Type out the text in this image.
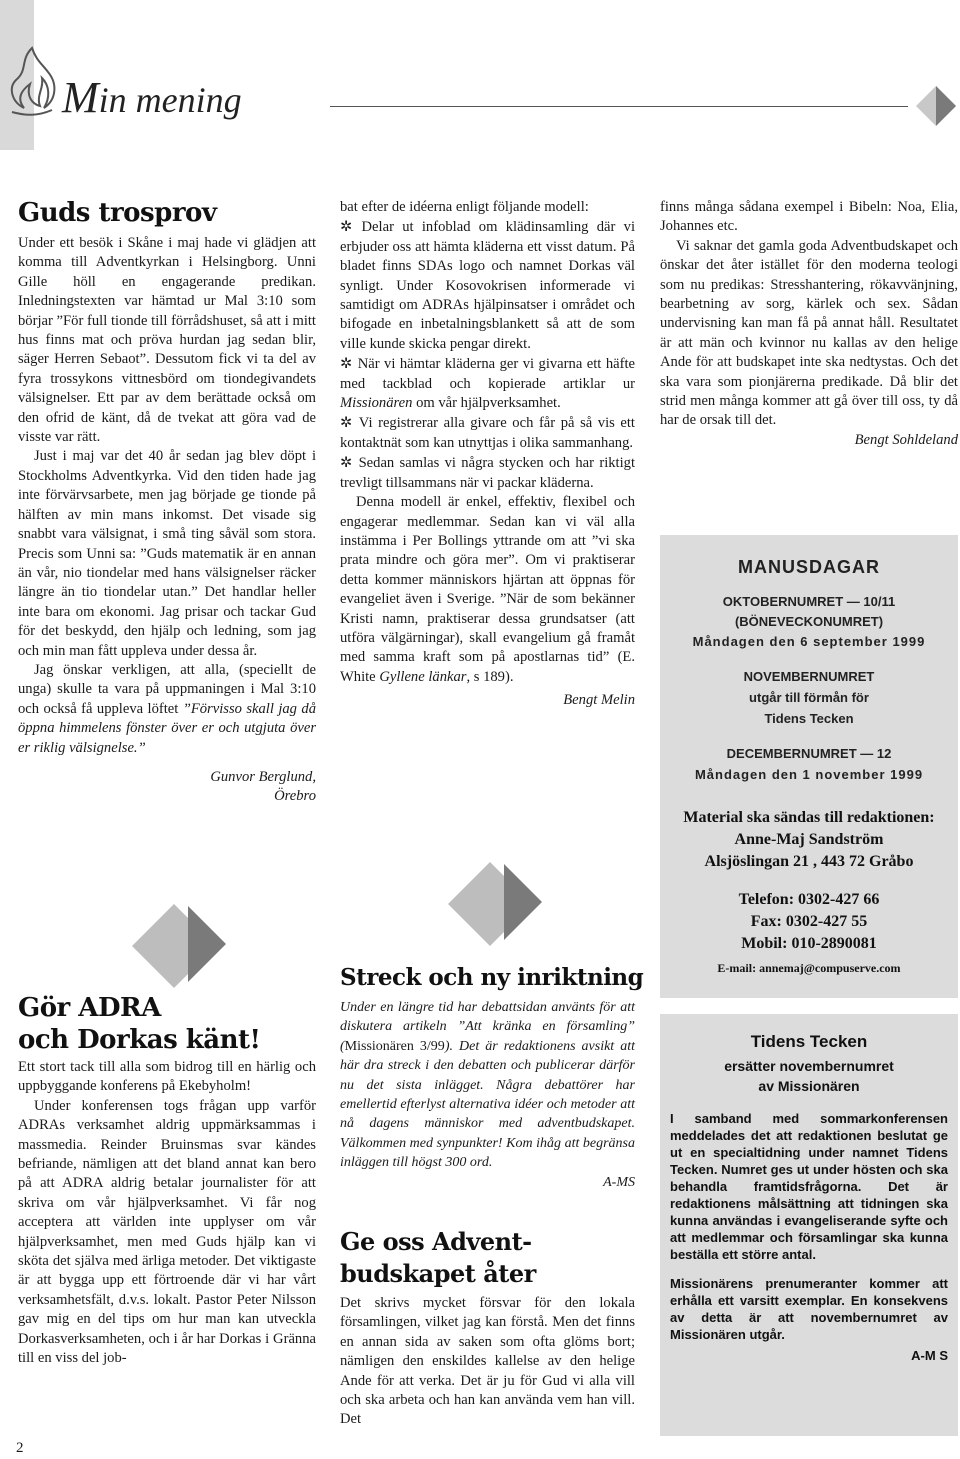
Min mening
Guds trosprov

Under ett besök i Skåne i maj hade vi glädjen att komma till Adventkyrkan i Helsingborg. Unni Gille höll en engagerande predikan. Inledningstexten var hämtad ur Mal 3:10 som börjar ”För full tionde till förrådshuset, så att i mitt hus finns mat och pröva hurdan jag sedan blir, säger Herren Sebaot”. Dessutom fick vi ta del av fyra trossykons vittnesbörd om tiondegivandets välsignelser. Ett par av dem berättade också om den ofrid de känt, då de tvekat att göra vad de visste var rätt.

Just i maj var det 40 år sedan jag blev döpt i Stockholms Adventkyrka. Vid den tiden hade jag inte förvärvsarbete, men jag började ge tionde på hälften av min mans inkomst. Det visade sig snabbt vara välsignat, i små ting såväl som stora. Precis som Unni sa: ”Guds matematik är en annan än vår, nio tiondelar med hans välsignelser räcker längre än tio tiondelar utan.” Det handlar heller inte bara om ekonomi. Jag prisar och tackar Gud för det beskydd, den hjälp och ledning, som jag och min man fått uppleva under dessa år.

Jag önskar verkligen, att alla, (speciellt de unga) skulle ta vara på uppmaningen i Mal 3:10 och också få uppleva löftet ”Förvisso skall jag då öppna himmelens fönster över er och utgjuta över er riklig välsignelse.”

Gunvor Berglund,
Örebro
Gör ADRA
och Dorkas känt!

Ett stort tack till alla som bidrog till en härlig och uppbyggande konferens på Ekebyholm!

Under konferensen togs frågan upp varför ADRAs verksamhet aldrig uppmärksammas i massmedia. Reinder Bruinsmas svar kändes befriande, nämligen att det bland annat kan bero på att ADRA aldrig betalar journalister för att skriva om vår hjälpverksamhet. Vi får nog acceptera att världen inte upplyser om vår hjälpverksamhet, men med Guds hjälp kan vi sköta det själva med ärliga metoder. Det viktigaste är att bygga upp ett förtroende där vi har vårt verksamhetsfält, d.v.s. lokalt. Pastor Peter Nilsson gav mig en del tips om hur man kan utveckla Dorkasverksamheten, och i år har Dorkas i Gränna till en viss del job-

2

bat efter de idéerna enligt följande modell:

✲ Delar ut infoblad om klädinsamling där vi erbjuder oss att hämta kläderna ett visst datum. På bladet finns SDAs logo och namnet Dorkas väl synligt. Under Kosovokrisen informerade vi samtidigt om ADRAs hjälpinsatser i området och bifogade en inbetalningsblankett så att de som ville kunde skicka pengar direkt.

✲ När vi hämtar kläderna ger vi givarna ett häfte med tackblad och kopierade artiklar ur Missionären om vår hjälpverksamhet.

✲ Vi registrerar alla givare och får på så vis ett kontaktnät som kan utnyttjas i olika sammanhang.

✲ Sedan samlas vi några stycken och har riktigt trevligt tillsammans när vi packar kläderna.

Denna modell är enkel, effektiv, flexibel och engagerar medlemmar. Sedan kan vi väl alla instämma i Per Bollings yttrande om att ”vi ska prata mindre och göra mer”. Om vi praktiserar detta kommer människors hjärtan att öppnas för evangeliet även i Sverige. ”När de som bekänner Kristi namn, praktiserar dessa grundsatser (att utföra välgärningar), skall evangelium gå framåt med samma kraft som på apostlarnas tid” (E. White Gyllene länkar, s 189).

Bengt Melin
Streck och ny inriktning

Under en längre tid har debattsidan använts för att diskutera artikeln ”Att kränka en församling” (Missionären 3/99). Det är redaktionens avsikt att här dra streck i den debatten och publicerar därför nu det sista inlägget. Några debattörer har emellertid efterlyst alternativa idéer och metoder att nå dagens människor med adventbudskapet. Välkommen med synpunkter! Kom ihåg att begränsa inläggen till högst 300 ord.

A-MS
Ge oss Advent-
budskapet åter

Det skrivs mycket försvar för den lokala församlingen, vilket jag kan förstå. Men det finns en annan sida av saken som ofta glöms bort; nämligen den enskildes kallelse av den helige Ande för att verka. Det är ju för Gud vi alla vill och ska arbeta och han kan använda vem han vill. Det

finns många sådana exempel i Bibeln: Noa, Elia, Johannes etc.

Vi saknar det gamla goda Adventbudskapet och önskar det åter istället för den moderna teologi som nu predikas: Stresshantering, rökavvänjning, bearbetning av sorg, kärlek och sex. Sådan undervisning kan man få på annat håll. Resultatet är att män och kvinnor nu kallas av den helige Ande för att budskapet inte ska nedtystas. Och det ska vara som pionjärerna predikade. Då blir det strid men många kommer att gå över till oss, ty då har de orsak till det.

Bengt Sohldeland
MANUSDAGAR
OKTOBERNUMRET — 10/11
(BÖNEVECKONUMRET)
Måndagen den 6 september 1999
NOVEMBERNUMRET
utgår till förmån för
Tidens Tecken
DECEMBERNUMRET — 12
Måndagen den 1 november 1999
Material ska sändas till redaktionen:
Anne-Maj Sandström
Alsjöslingan 21 , 443 72 Gråbo
Telefon: 0302-427 66
Fax: 0302-427 55
Mobil: 010-2890081
E-mail: annemaj@compuserve.com
Tidens Tecken
ersätter novembernumret
av Missionären

I samband med sommarkonferensen meddelades det att redaktionen beslutat ge ut en specialtidning under namnet Tidens Tecken. Numret ges ut under hösten och ska behandla framtidsfrågorna. Det är redaktionens målsättning att tidningen ska kunna användas i evangeliserande syfte och att medlemmar och församlingar ska kunna beställa ett större antal.

Missionärens prenumeranter kommer att erhålla ett varsitt exemplar. En konsekvens av detta är att novembernumret av Missionären utgår.

A-M S
